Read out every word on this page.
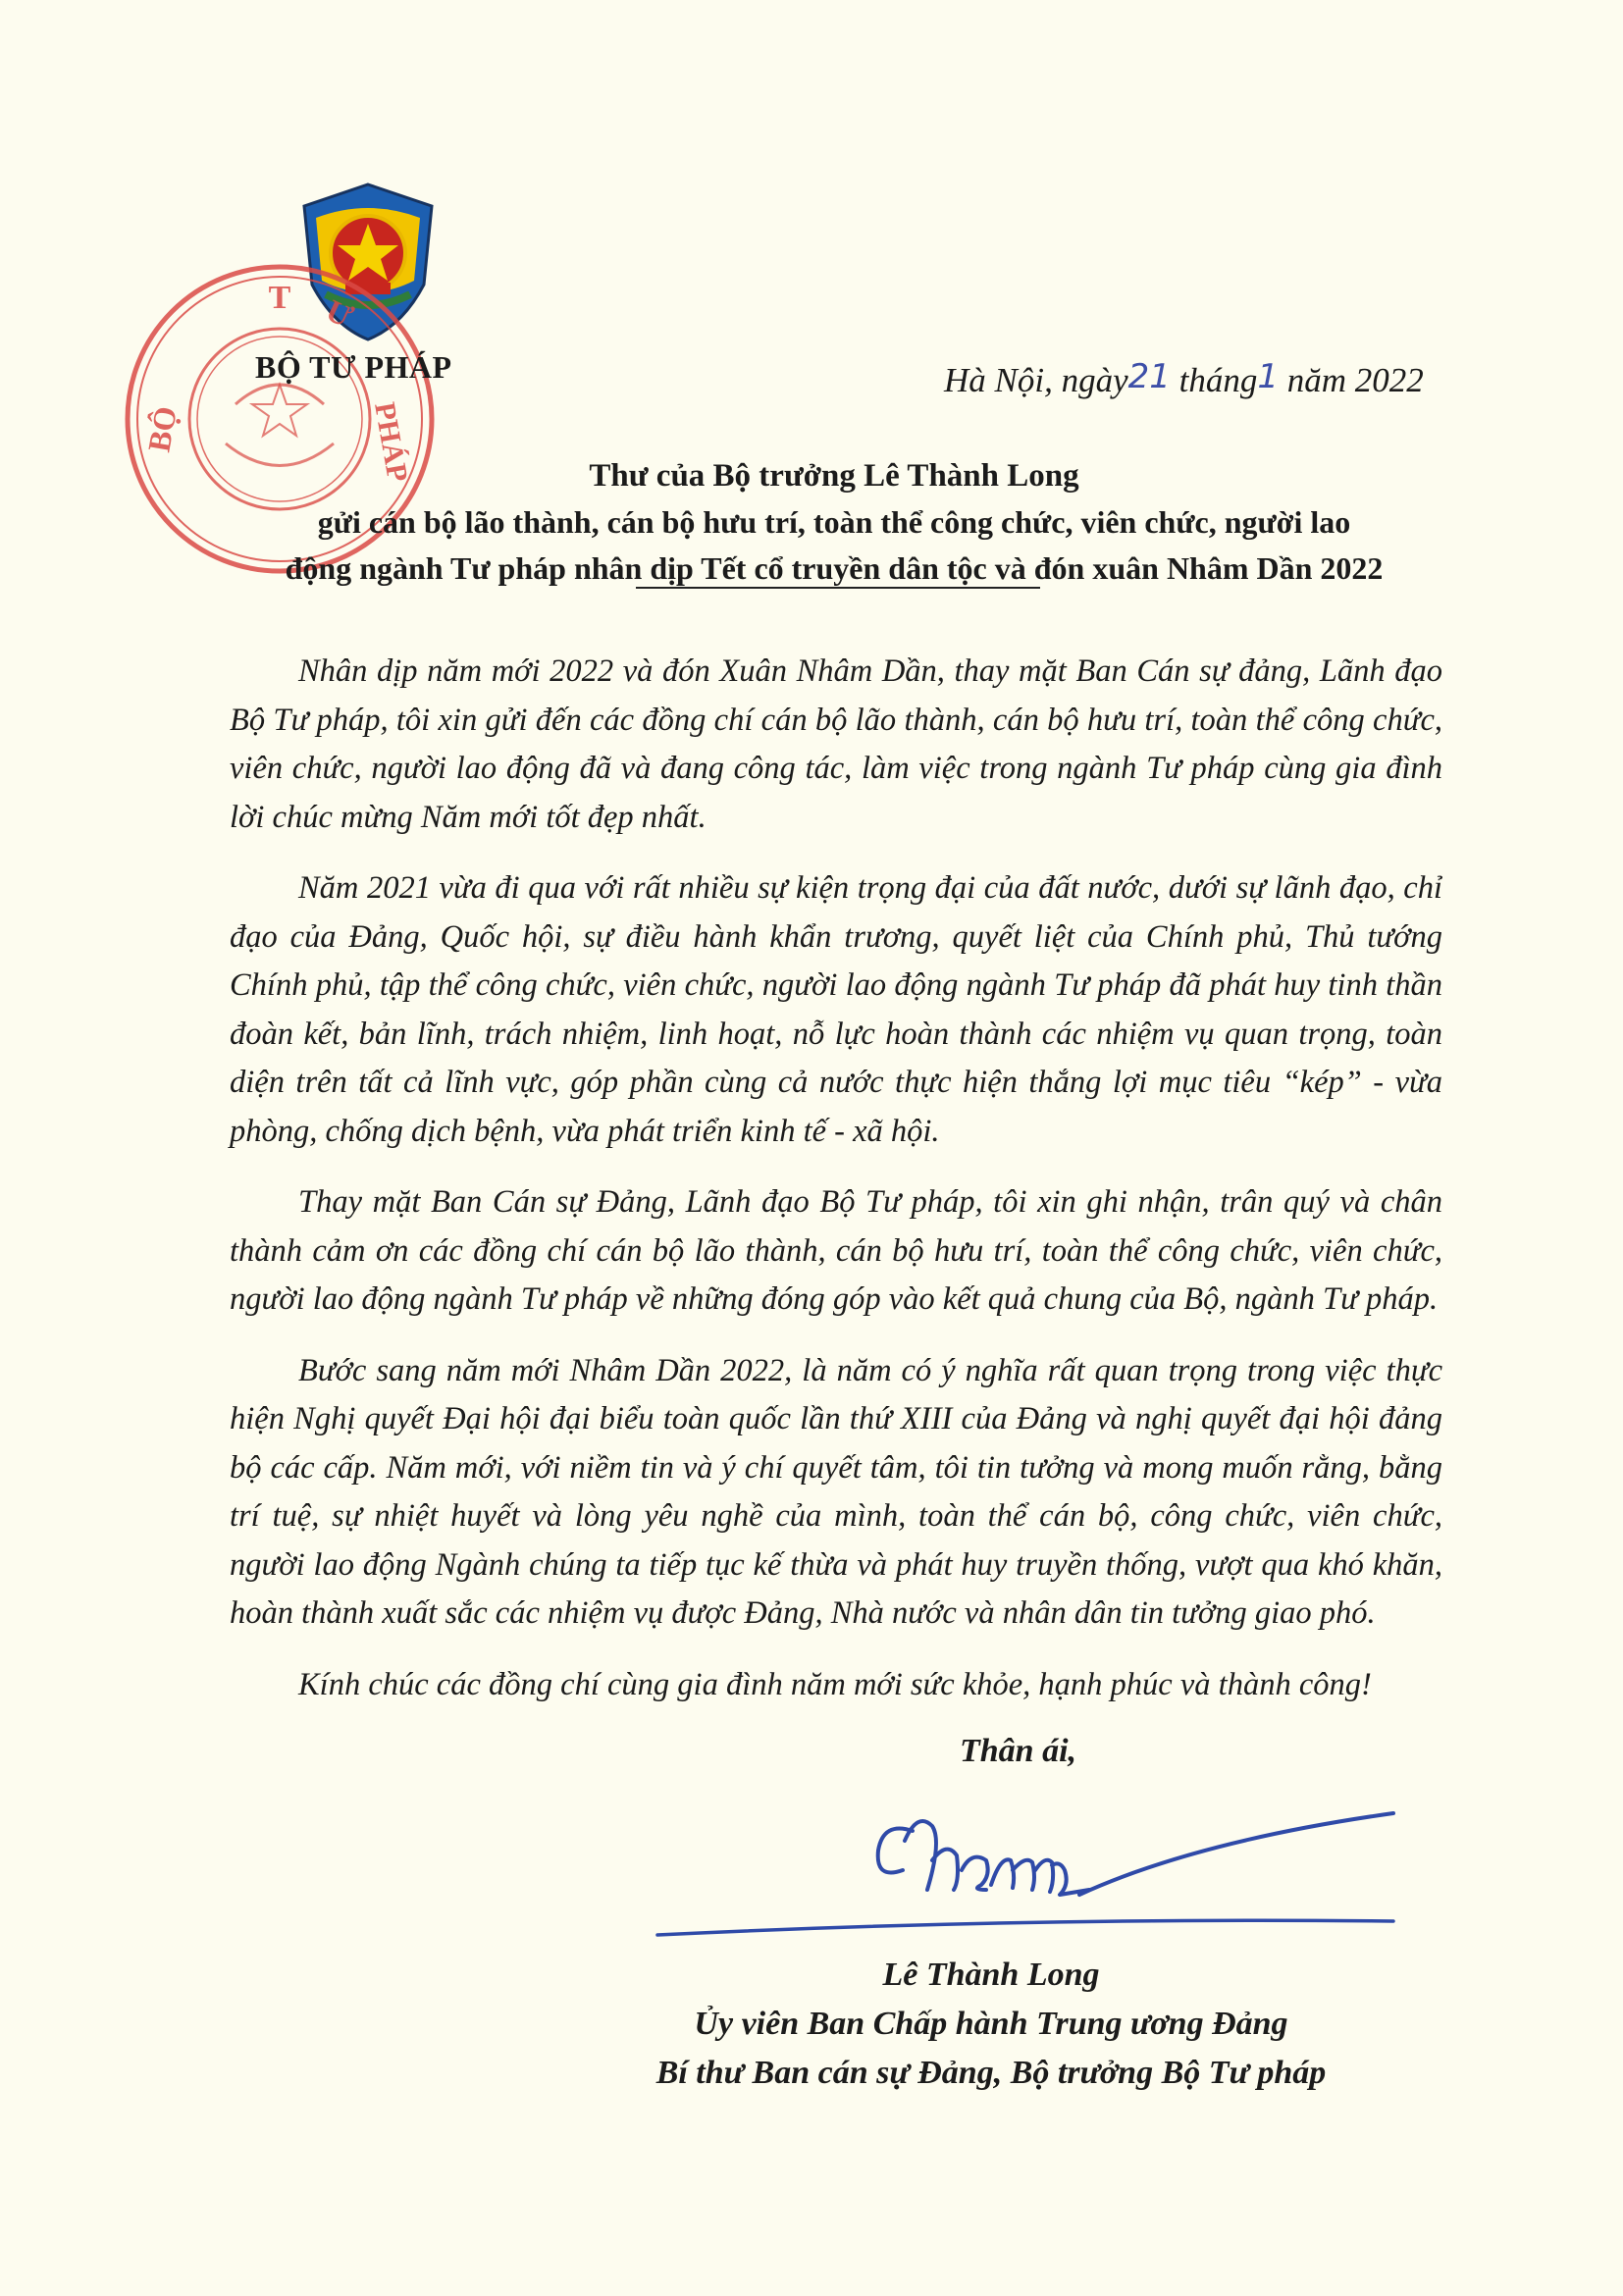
T Ư
BỘ	PHÁP
BỘ TƯ PHÁP	Hà Nội, ngày21 tháng1 năm 2022
Thư của Bộ trưởng Lê Thành Long
gửi cán bộ lão thành, cán bộ hưu trí, toàn thể công chức, viên chức, người lao
động ngành Tư pháp nhân dịp Tết cổ truyền dân tộc và đón xuân Nhâm Dần 2022

Nhân dịp năm mới 2022 và đón Xuân Nhâm Dần, thay mặt Ban Cán sự đảng, Lãnh đạo Bộ Tư pháp, tôi xin gửi đến các đồng chí cán bộ lão thành, cán bộ hưu trí, toàn thể công chức, viên chức, người lao động đã và đang công tác, làm việc trong ngành Tư pháp cùng gia đình lời chúc mừng Năm mới tốt đẹp nhất.

Năm 2021 vừa đi qua với rất nhiều sự kiện trọng đại của đất nước, dưới sự lãnh đạo, chỉ đạo của Đảng, Quốc hội, sự điều hành khẩn trương, quyết liệt của Chính phủ, Thủ tướng Chính phủ, tập thể công chức, viên chức, người lao động ngành Tư pháp đã phát huy tinh thần đoàn kết, bản lĩnh, trách nhiệm, linh hoạt, nỗ lực hoàn thành các nhiệm vụ quan trọng, toàn diện trên tất cả lĩnh vực, góp phần cùng cả nước thực hiện thắng lợi mục tiêu “kép” - vừa phòng, chống dịch bệnh, vừa phát triển kinh tế - xã hội.

Thay mặt Ban Cán sự Đảng, Lãnh đạo Bộ Tư pháp, tôi xin ghi nhận, trân quý và chân thành cảm ơn các đồng chí cán bộ lão thành, cán bộ hưu trí, toàn thể công chức, viên chức, người lao động ngành Tư pháp về những đóng góp vào kết quả chung của Bộ, ngành Tư pháp.

Bước sang năm mới Nhâm Dần 2022, là năm có ý nghĩa rất quan trọng trong việc thực hiện Nghị quyết Đại hội đại biểu toàn quốc lần thứ XIII của Đảng và nghị quyết đại hội đảng bộ các cấp. Năm mới, với niềm tin và ý chí quyết tâm, tôi tin tưởng và mong muốn rằng, bằng trí tuệ, sự nhiệt huyết và lòng yêu nghề của mình, toàn thể cán bộ, công chức, viên chức, người lao động Ngành chúng ta tiếp tục kế thừa và phát huy truyền thống, vượt qua khó khăn, hoàn thành xuất sắc các nhiệm vụ được Đảng, Nhà nước và nhân dân tin tưởng giao phó.

Kính chúc các đồng chí cùng gia đình năm mới sức khỏe, hạnh phúc và thành công!

Thân ái,
Lê Thành Long
Ủy viên Ban Chấp hành Trung ương Đảng
Bí thư Ban cán sự Đảng, Bộ trưởng Bộ Tư pháp
